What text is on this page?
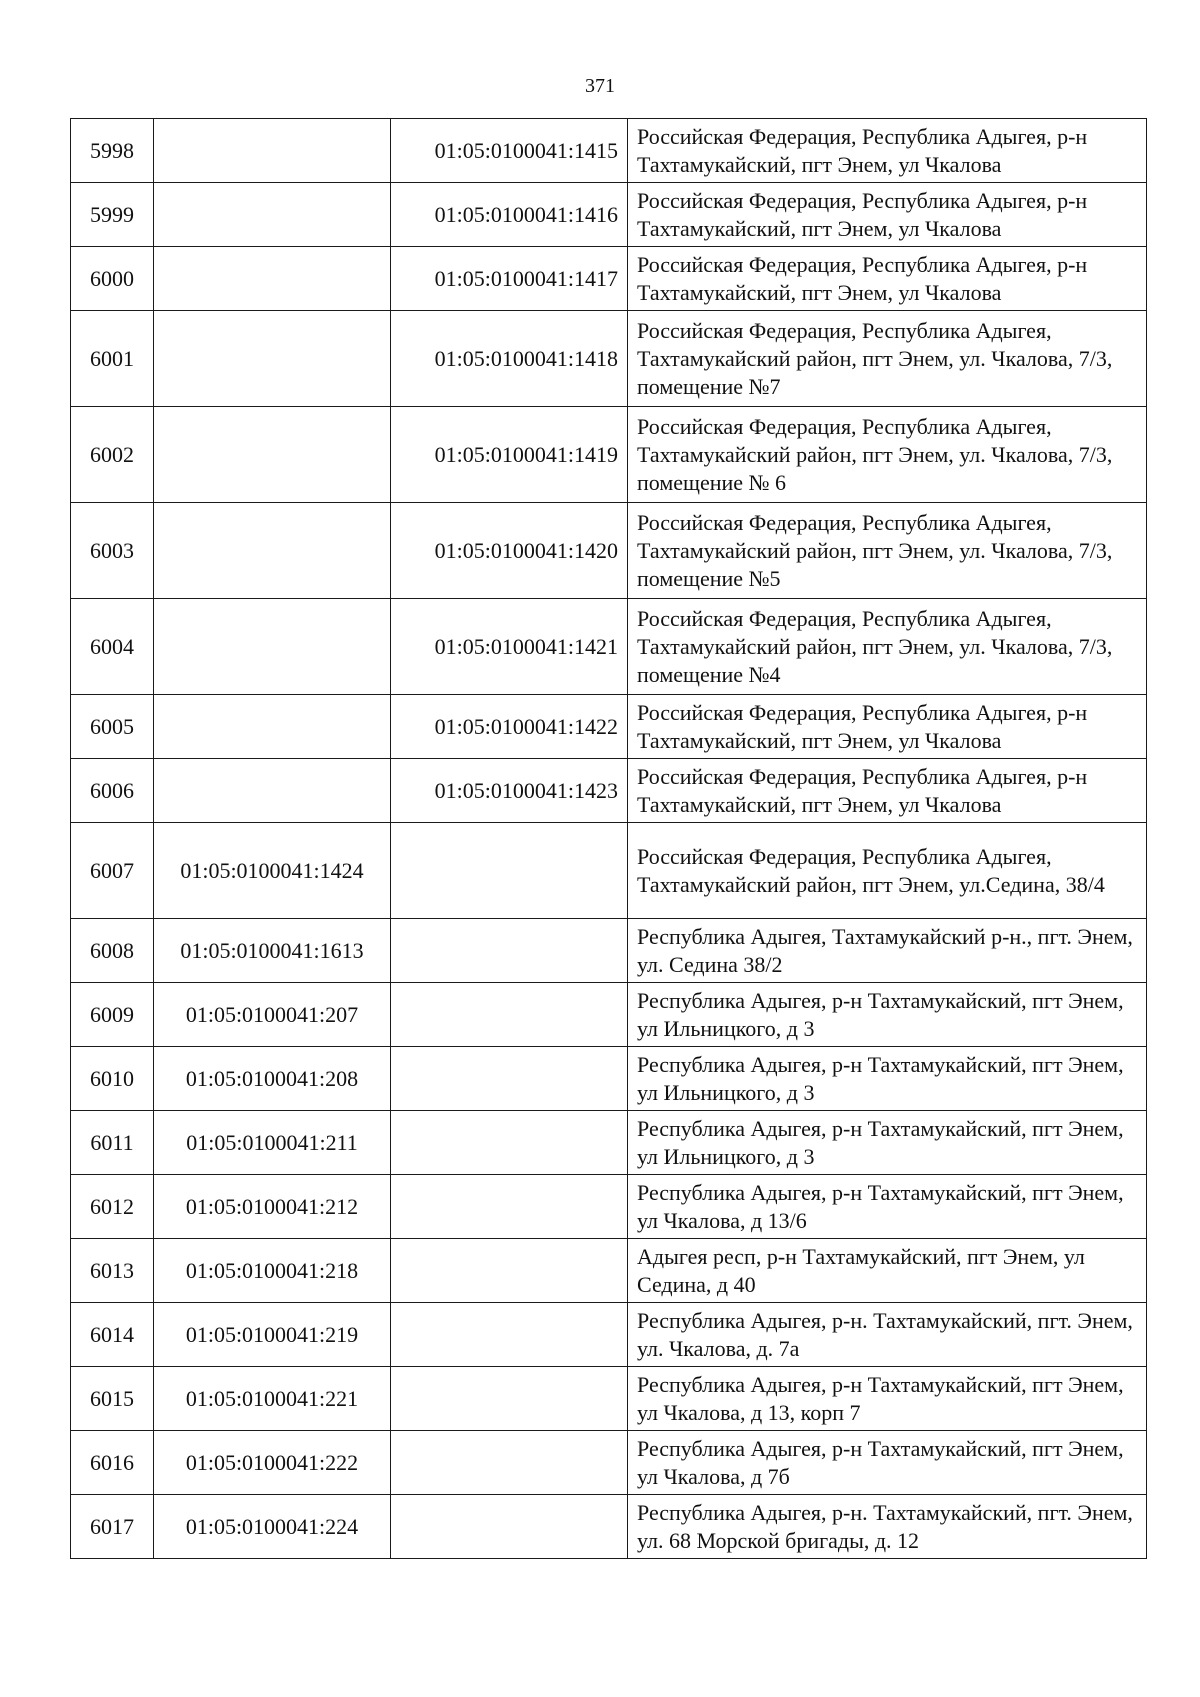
371
5998		01:05:0100041:1415	Российская Федерация, Республика Адыгея, р-н Тахтамукайский, пгт Энем, ул Чкалова
5999		01:05:0100041:1416	Российская Федерация, Республика Адыгея, р-н Тахтамукайский, пгт Энем, ул Чкалова
6000		01:05:0100041:1417	Российская Федерация, Республика Адыгея, р-н Тахтамукайский, пгт Энем, ул Чкалова
6001		01:05:0100041:1418	Российская Федерация, Республика Адыгея, Тахтамукайский район, пгт Энем, ул. Чкалова, 7/3, помещение №7
6002		01:05:0100041:1419	Российская Федерация, Республика Адыгея, Тахтамукайский район, пгт Энем, ул. Чкалова, 7/3, помещение № 6
6003		01:05:0100041:1420	Российская Федерация, Республика Адыгея, Тахтамукайский район, пгт Энем, ул. Чкалова, 7/3, помещение №5
6004		01:05:0100041:1421	Российская Федерация, Республика Адыгея, Тахтамукайский район, пгт Энем, ул. Чкалова, 7/3, помещение №4
6005		01:05:0100041:1422	Российская Федерация, Республика Адыгея, р-н Тахтамукайский, пгт Энем, ул Чкалова
6006		01:05:0100041:1423	Российская Федерация, Республика Адыгея, р-н Тахтамукайский, пгт Энем, ул Чкалова
6007	01:05:0100041:1424		Российская Федерация, Республика Адыгея, Тахтамукайский район, пгт Энем, ул.Седина, 38/4
6008	01:05:0100041:1613		Республика Адыгея, Тахтамукайский р-н., пгт. Энем, ул. Седина 38/2
6009	01:05:0100041:207		Республика Адыгея, р-н Тахтамукайский, пгт Энем, ул Ильницкого, д 3
6010	01:05:0100041:208		Республика Адыгея, р-н Тахтамукайский, пгт Энем, ул Ильницкого, д 3
6011	01:05:0100041:211		Республика Адыгея, р-н Тахтамукайский, пгт Энем, ул Ильницкого, д 3
6012	01:05:0100041:212		Республика Адыгея, р-н Тахтамукайский, пгт Энем, ул Чкалова, д 13/6
6013	01:05:0100041:218		Адыгея респ, р-н Тахтамукайский, пгт Энем, ул Седина, д 40
6014	01:05:0100041:219		Республика Адыгея, р-н. Тахтамукайский, пгт. Энем, ул. Чкалова, д. 7а
6015	01:05:0100041:221		Республика Адыгея, р-н Тахтамукайский, пгт Энем, ул Чкалова, д 13, корп 7
6016	01:05:0100041:222		Республика Адыгея, р-н Тахтамукайский, пгт Энем, ул Чкалова, д 7б
6017	01:05:0100041:224		Республика Адыгея, р-н. Тахтамукайский, пгт. Энем, ул. 68 Морской бригады, д. 12
